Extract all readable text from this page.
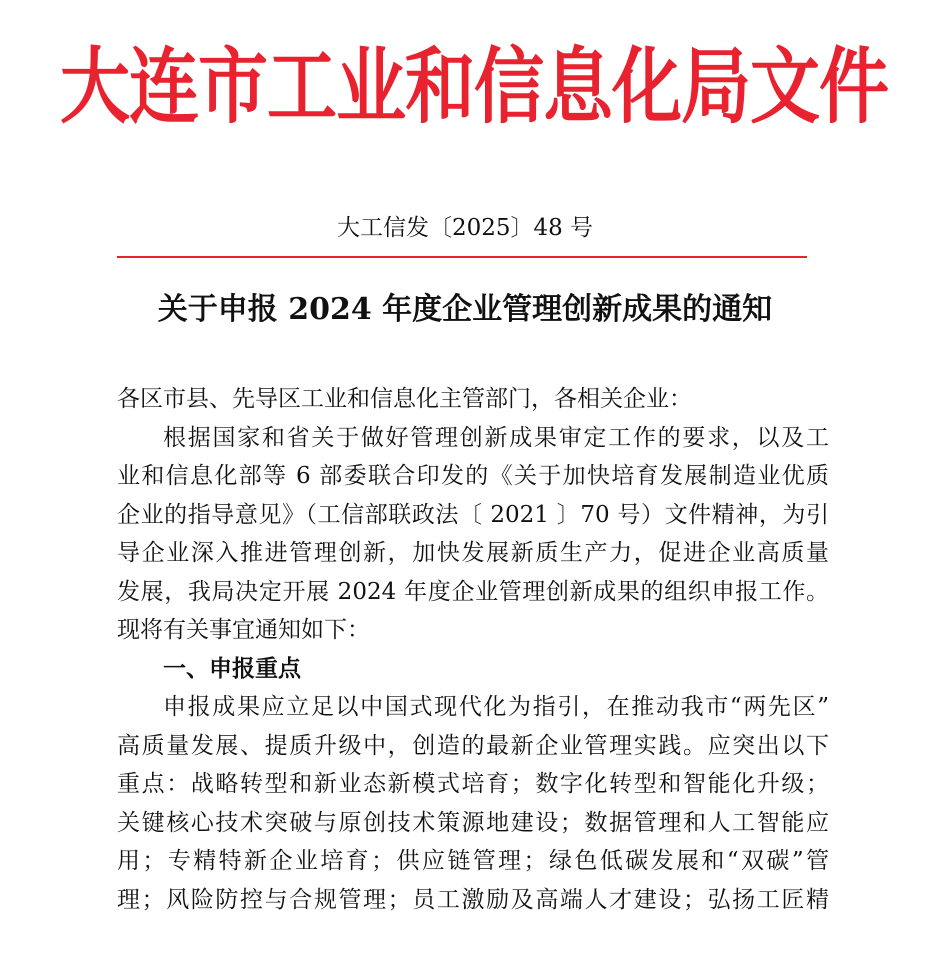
大连市工业和信息化局文件
大工信发〔2025〕48 号
关于申报 2024 年度企业管理创新成果的通知
各区市县、先导区工业和信息化主管部门，各相关企业：
根据国家和省关于做好管理创新成果审定工作的要求，以及工
业和信息化部等 6 部委联合印发的《关于加快培育发展制造业优质
企业的指导意见》（工信部联政法〔 2021 〕70 号）文件精神，为引
导企业深入推进管理创新，加快发展新质生产力，促进企业高质量
发展，我局决定开展 2024 年度企业管理创新成果的组织申报工作。
现将有关事宜通知如下：
一、申报重点
申报成果应立足以中国式现代化为指引，在推动我市“两先区”
高质量发展、提质升级中，创造的最新企业管理实践。应突出以下
重点：战略转型和新业态新模式培育；数字化转型和智能化升级；
关键核心技术突破与原创技术策源地建设；数据管理和人工智能应
用；专精特新企业培育；供应链管理；绿色低碳发展和“双碳”管
理；风险防控与合规管理；员工激励及高端人才建设；弘扬工匠精
